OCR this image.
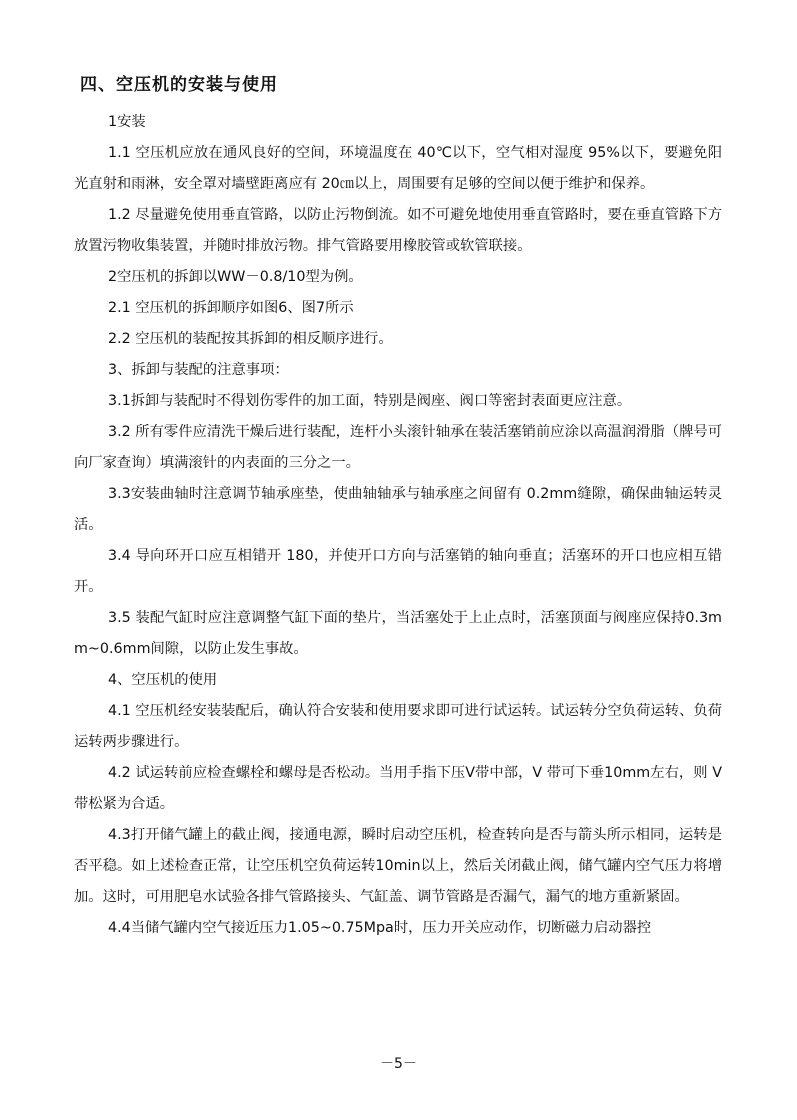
四、空压机的安装与使用

1安装

1.1 空压机应放在通风良好的空间，环境温度在 40℃以下，空气相对湿度 95%以下，要避免阳光直射和雨淋，安全罩对墙壁距离应有 20㎝以上，周围要有足够的空间以便于维护和保养。

1.2 尽量避免使用垂直管路，以防止污物倒流。如不可避免地使用垂直管路时，要在垂直管路下方放置污物收集装置，并随时排放污物。排气管路要用橡胶管或软管联接。

2空压机的拆卸以WW－0.8/10型为例。

2.1 空压机的拆卸顺序如图6、图7所示

2.2 空压机的装配按其拆卸的相反顺序进行。

3、拆卸与装配的注意事项：

3.1拆卸与装配时不得划伤零件的加工面，特别是阀座、阀口等密封表面更应注意。

3.2 所有零件应清洗干燥后进行装配，连杆小头滚针轴承在装活塞销前应涂以高温润滑脂（牌号可向厂家查询）填满滚针的内表面的三分之一。

3.3安装曲轴时注意调节轴承座垫，使曲轴轴承与轴承座之间留有 0.2mm缝隙，确保曲轴运转灵活。

3.4 导向环开口应互相错开 180，并使开口方向与活塞销的轴向垂直；活塞环的开口也应相互错开。

3.5 装配气缸时应注意调整气缸下面的垫片，当活塞处于上止点时，活塞顶面与阀座应保持0.3mm~0.6mm间隙，以防止发生事故。

4、空压机的使用

4.1 空压机经安装装配后，确认符合安装和使用要求即可进行试运转。试运转分空负荷运转、负荷运转两步骤进行。

4.2 试运转前应检查螺栓和螺母是否松动。当用手指下压V带中部，V 带可下垂10mm左右，则 V 带松紧为合适。

4.3打开储气罐上的截止阀，接通电源，瞬时启动空压机，检查转向是否与箭头所示相同，运转是否平稳。如上述检查正常，让空压机空负荷运转10min以上，然后关闭截止阀，储气罐内空气压力将增加。这时，可用肥皂水试验各排气管路接头、气缸盖、调节管路是否漏气，漏气的地方重新紧固。

4.4当储气罐内空气接近压力1.05~0.75Mpa时，压力开关应动作，切断磁力启动器控

－5－
